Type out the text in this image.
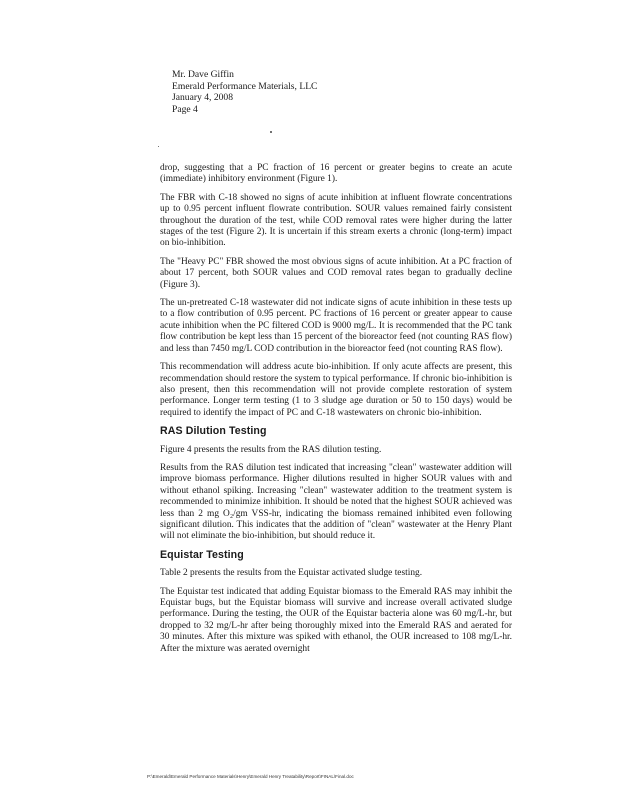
Mr. Dave Giffin
Emerald Performance Materials, LLC
January 4, 2008
Page 4

drop, suggesting that a PC fraction of 16 percent or greater begins to create an acute (immediate) inhibitory environment (Figure 1).

The FBR with C-18 showed no signs of acute inhibition at influent flowrate concentrations up to 0.95 percent influent flowrate contribution. SOUR values remained fairly consistent throughout the duration of the test, while COD removal rates were higher during the latter stages of the test (Figure 2). It is uncertain if this stream exerts a chronic (long-term) impact on bio-inhibition.

The "Heavy PC" FBR showed the most obvious signs of acute inhibition. At a PC fraction of about 17 percent, both SOUR values and COD removal rates began to gradually decline (Figure 3).

The un-pretreated C-18 wastewater did not indicate signs of acute inhibition in these tests up to a flow contribution of 0.95 percent. PC fractions of 16 percent or greater appear to cause acute inhibition when the PC filtered COD is 9000 mg/L. It is recommended that the PC tank flow contribution be kept less than 15 percent of the bioreactor feed (not counting RAS flow) and less than 7450 mg/L COD contribution in the bioreactor feed (not counting RAS flow).

This recommendation will address acute bio-inhibition. If only acute affects are present, this recommendation should restore the system to typical performance. If chronic bio-inhibition is also present, then this recommendation will not provide complete restoration of system performance. Longer term testing (1 to 3 sludge age duration or 50 to 150 days) would be required to identify the impact of PC and C-18 wastewaters on chronic bio-inhibition.

RAS Dilution Testing

Figure 4 presents the results from the RAS dilution testing.

Results from the RAS dilution test indicated that increasing "clean" wastewater addition will improve biomass performance. Higher dilutions resulted in higher SOUR values with and without ethanol spiking. Increasing "clean" wastewater addition to the treatment system is recommended to minimize inhibition. It should be noted that the highest SOUR achieved was less than 2 mg O₂/gm VSS-hr, indicating the biomass remained inhibited even following significant dilution. This indicates that the addition of "clean" wastewater at the Henry Plant will not eliminate the bio-inhibition, but should reduce it.

Equistar Testing

Table 2 presents the results from the Equistar activated sludge testing.

The Equistar test indicated that adding Equistar biomass to the Emerald RAS may inhibit the Equistar bugs, but the Equistar biomass will survive and increase overall activated sludge performance. During the testing, the OUR of the Equistar bacteria alone was 60 mg/L-hr, but dropped to 32 mg/L-hr after being thoroughly mixed into the Emerald RAS and aerated for 30 minutes. After this mixture was spiked with ethanol, the OUR increased to 108 mg/L-hr. After the mixture was aerated overnight

P:\Emerald\Emerald Performance Materials\Henry\Emerald Henry Treatability\Report\FINAL\Final.doc
